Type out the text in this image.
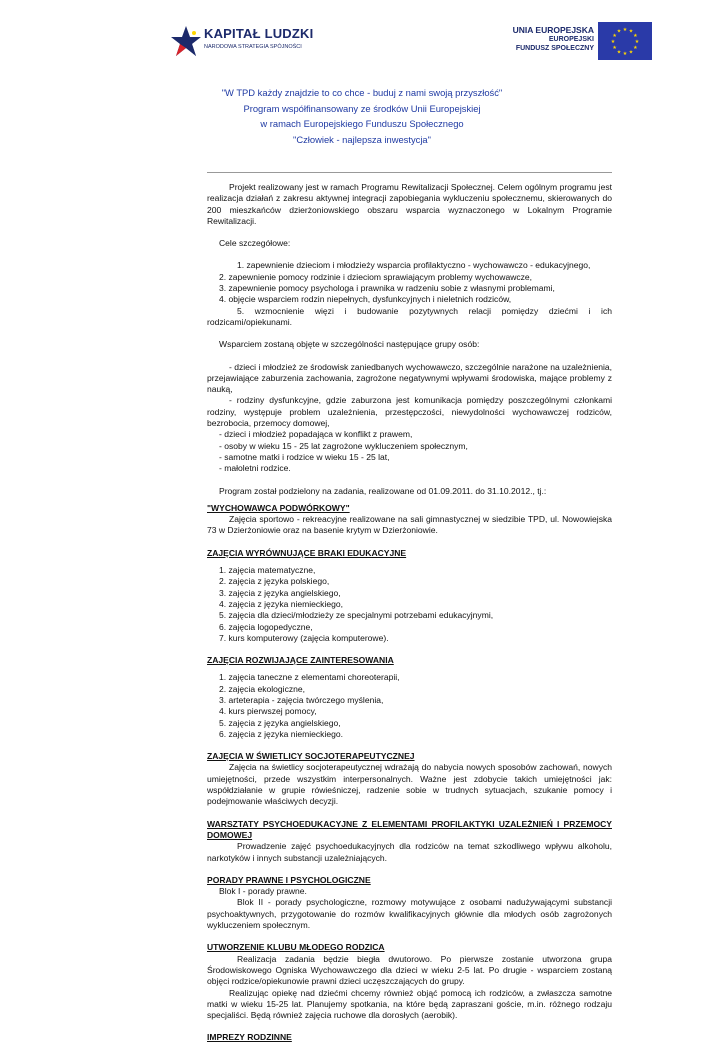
KAPITAŁ LUDZKI
NARODOWA STRATEGIA SPÓJNOŚCI
UNIA EUROPEJSKA
EUROPEJSKI
FUNDUSZ SPOŁECZNY
★ ★
★
★
★
★
★
★
★
★
★
★
"W TPD każdy znajdzie to co chce - buduj z nami swoją przyszłość"
Program współfinansowany ze środków Unii Europejskiej
w ramach Europejskiego Funduszu Społecznego
"Człowiek - najlepsza inwestycja"

Projekt realizowany jest w ramach Programu Rewitalizacji Społecznej. Celem ogólnym programu jest realizacja działań z zakresu aktywnej integracji zapobiegania wykluczeniu społecznemu, skierowanych do 200 mieszkańców dzierżoniowskiego obszaru wsparcia wyznaczonego w Lokalnym Programie Rewitalizacji.

Cele szczegółowe:

1. zapewnienie dzieciom i młodzieży wsparcia profilaktyczno - wychowawczo - edukacyjnego,

2. zapewnienie pomocy rodzinie i dzieciom sprawiającym problemy wychowawcze,

3. zapewnienie pomocy psychologa i prawnika w radzeniu sobie z własnymi problemami,

4. objęcie wsparciem rodzin niepełnych, dysfunkcyjnych i nieletnich rodziców,

5. wzmocnienie więzi i budowanie pozytywnych relacji pomiędzy dziećmi i ich rodzicami/opiekunami.

Wsparciem zostaną objęte w szczególności następujące grupy osób:

- dzieci i młodzież ze środowisk zaniedbanych wychowawczo, szczególnie narażone na uzależnienia, przejawiające zaburzenia zachowania, zagrożone negatywnymi wpływami środowiska, mające problemy z nauką,

- rodziny dysfunkcyjne, gdzie zaburzona jest komunikacja pomiędzy poszczególnymi członkami rodziny, występuje problem uzależnienia, przestępczości, niewydolności wychowawczej rodziców, bezrobocia, przemocy domowej,

- dzieci i młodzież popadająca w konflikt z prawem,

- osoby w wieku 15 - 25 lat zagrożone wykluczeniem społecznym,

- samotne matki i rodzice w wieku 15 - 25 lat,

- małoletni rodzice.

Program został podzielony na zadania, realizowane od 01.09.2011. do 31.10.2012., tj.:

"WYCHOWAWCA PODWÓRKOWY"

Zajęcia sportowo - rekreacyjne realizowane na sali gimnastycznej w siedzibie TPD, ul. Nowowiejska 73 w Dzierżoniowie oraz na basenie krytym w Dzierżoniowie.

ZAJĘCIA WYRÓWNUJĄCE BRAKI EDUKACYJNE

1. zajęcia matematyczne,

2. zajęcia z języka polskiego,

3. zajęcia z języka angielskiego,

4. zajęcia z języka niemieckiego,

5. zajęcia dla dzieci/młodzieży ze specjalnymi potrzebami edukacyjnymi,

6. zajęcia logopedyczne,

7. kurs komputerowy (zajęcia komputerowe).

ZAJĘCIA ROZWIJAJĄCE ZAINTERESOWANIA

1. zajęcia taneczne z elementami choreoterapii,

2. zajęcia ekologiczne,

3. arteterapia - zajęcia twórczego myślenia,

4. kurs pierwszej pomocy,

5. zajęcia z języka angielskiego,

6. zajęcia z języka niemieckiego.

ZAJĘCIA W ŚWIETLICY SOCJOTERAPEUTYCZNEJ

Zajęcia na świetlicy socjoterapeutycznej wdrażają do nabycia nowych sposobów zachowań, nowych umiejętności, przede wszystkim interpersonalnych. Ważne jest zdobycie takich umiejętności jak: współdziałanie w grupie rówieśniczej, radzenie sobie w trudnych sytuacjach, szukanie pomocy i podejmowanie właściwych decyzji.

WARSZTATY PSYCHOEDUKACYJNE Z ELEMENTAMI PROFILAKTYKI UZALEŻNIEŃ I PRZEMOCY DOMOWEJ

Prowadzenie zajęć psychoedukacyjnych dla rodziców na temat szkodliwego wpływu alkoholu, narkotyków i innych substancji uzależniających.

PORADY PRAWNE I PSYCHOLOGICZNE

Blok I - porady prawne.

Blok II - porady psychologiczne, rozmowy motywujące z osobami nadużywającymi substancji psychoaktywnych, przygotowanie do rozmów kwalifikacyjnych głównie dla młodych osób zagrożonych wykluczeniem społecznym.

UTWORZENIE KLUBU MŁODEGO RODZICA

Realizacja zadania będzie biegła dwutorowo. Po pierwsze zostanie utworzona grupa Środowiskowego Ogniska Wychowawczego dla dzieci w wieku 2-5 lat. Po drugie - wsparciem zostaną objęci rodzice/opiekunowie prawni dzieci uczęszczających do grupy.

Realizując opiekę nad dziećmi chcemy również objąć pomocą ich rodziców, a zwłaszcza samotne matki w wieku 15-25 lat. Planujemy spotkania, na które będą zapraszani goście, m.in. różnego rodzaju specjaliści. Będą również zajęcia ruchowe dla dorosłych (aerobik).

IMPREZY RODZINNE
